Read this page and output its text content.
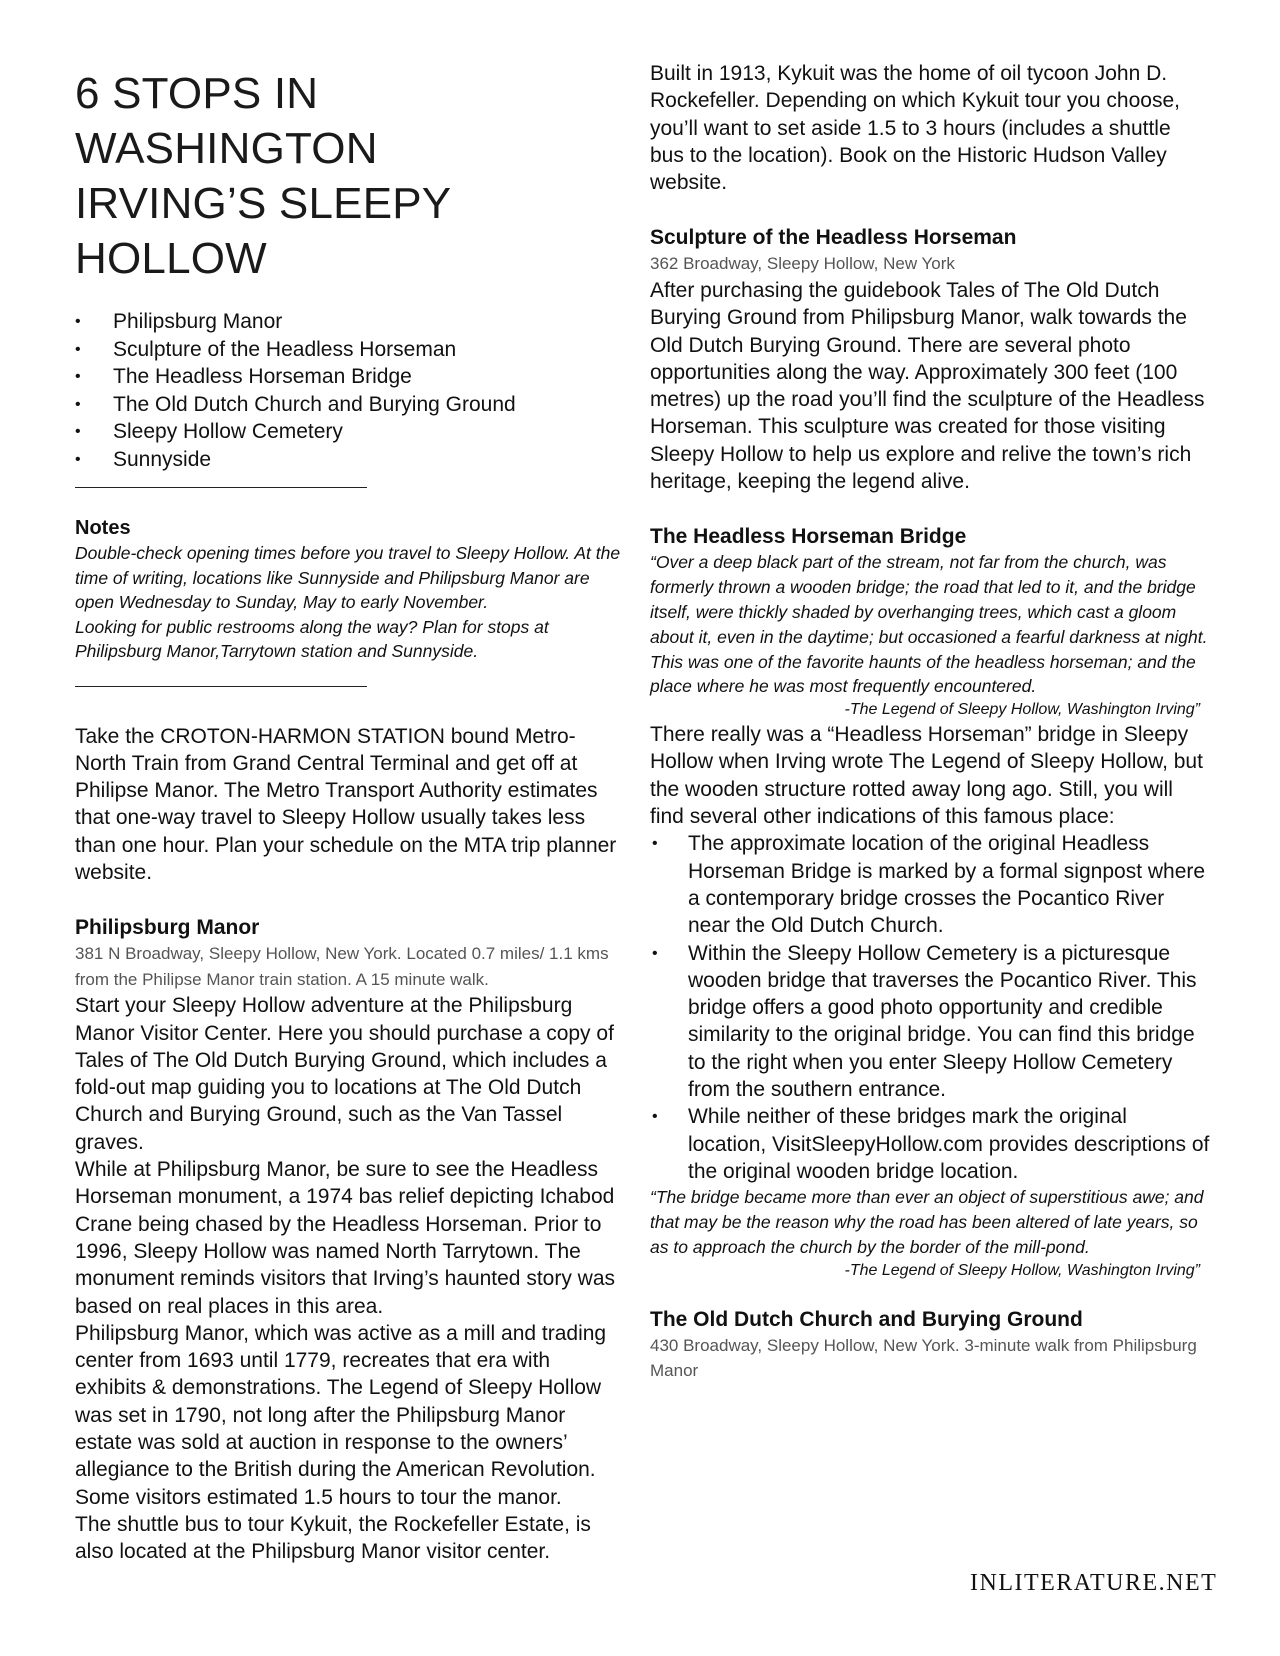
6 STOPS IN WASHINGTON
IRVING’S SLEEPY HOLLOW
• Philipsburg Manor
• Sculpture of the Headless Horseman
• The Headless Horseman Bridge
• The Old Dutch Church and Burying Ground
• Sleepy Hollow Cemetery
• Sunnyside
Notes

Double-check opening times before you travel to Sleepy Hollow. At the time of writing, locations like Sunnyside and Philipsburg Manor are open Wednesday to Sunday, May to early November.

Looking for public restrooms along the way? Plan for stops at Philipsburg Manor,Tarrytown station and Sunnyside.

Take the CROTON-HARMON STATION bound Metro-North Train from Grand Central Terminal and get off at Philipse Manor. The Metro Transport Authority estimates that one-way travel to Sleepy Hollow usually takes less than one hour. Plan your schedule on the MTA trip planner website.

Philipsburg Manor

381 N Broadway, Sleepy Hollow, New York. Located 0.7 miles/ 1.1 kms from the Philipse Manor train station. A 15 minute walk.

Start your Sleepy Hollow adventure at the Philipsburg Manor Visitor Center. Here you should purchase a copy of Tales of The Old Dutch Burying Ground, which includes a fold-out map guiding you to locations at The Old Dutch Church and Burying Ground, such as the Van Tassel graves.

While at Philipsburg Manor, be sure to see the Headless Horseman monument, a 1974 bas relief depicting Ichabod Crane being chased by the Headless Horseman. Prior to 1996, Sleepy Hollow was named North Tarrytown. The monument reminds visitors that Irving’s haunted story was based on real places in this area.

Philipsburg Manor, which was active as a mill and trading center from 1693 until 1779, recreates that era with exhibits & demonstrations. The Legend of Sleepy Hollow was set in 1790, not long after the Philipsburg Manor estate was sold at auction in response to the owners’ allegiance to the British during the American Revolution. Some visitors estimated 1.5 hours to tour the manor.

The shuttle bus to tour Kykuit, the Rockefeller Estate, is also located at the Philipsburg Manor visitor center.

Built in 1913, Kykuit was the home of oil tycoon John D. Rockefeller. Depending on which Kykuit tour you choose, you’ll want to set aside 1.5 to 3 hours (includes a shuttle bus to the location). Book on the Historic Hudson Valley website.

Sculpture of the Headless Horseman

362 Broadway, Sleepy Hollow, New York

After purchasing the guidebook Tales of The Old Dutch Burying Ground from Philipsburg Manor, walk towards the Old Dutch Burying Ground. There are several photo opportunities along the way. Approximately 300 feet (100 metres) up the road you’ll find the sculpture of the Headless Horseman. This sculpture was created for those visiting Sleepy Hollow to help us explore and relive the town’s rich heritage, keeping the legend alive.

The Headless Horseman Bridge

“Over a deep black part of the stream, not far from the church, was formerly thrown a wooden bridge; the road that led to it, and the bridge itself, were thickly shaded by overhanging trees, which cast a gloom about it, even in the daytime; but occasioned a fearful darkness at night. This was one of the favorite haunts of the headless horseman; and the place where he was most frequently encountered.

-The Legend of Sleepy Hollow, Washington Irving”

There really was a “Headless Horseman” bridge in Sleepy Hollow when Irving wrote The Legend of Sleepy Hollow, but the wooden structure rotted away long ago. Still, you will find several other indications of this famous place:

• The approximate location of the original Headless Horseman Bridge is marked by a formal signpost where a contemporary bridge crosses the Pocantico River near the Old Dutch Church.
• Within the Sleepy Hollow Cemetery is a picturesque wooden bridge that traverses the Pocantico River. This bridge offers a good photo opportunity and credible similarity to the original bridge. You can find this bridge to the right when you enter Sleepy Hollow Cemetery from the southern entrance.
• While neither of these bridges mark the original location, VisitSleepyHollow.com provides descriptions of the original wooden bridge location.

“The bridge became more than ever an object of superstitious awe; and that may be the reason why the road has been altered of late years, so as to approach the church by the border of the mill-pond.

-The Legend of Sleepy Hollow, Washington Irving”

The Old Dutch Church and Burying Ground

430 Broadway, Sleepy Hollow, New York. 3-minute walk from Philipsburg Manor

INLITERATURE.NET
